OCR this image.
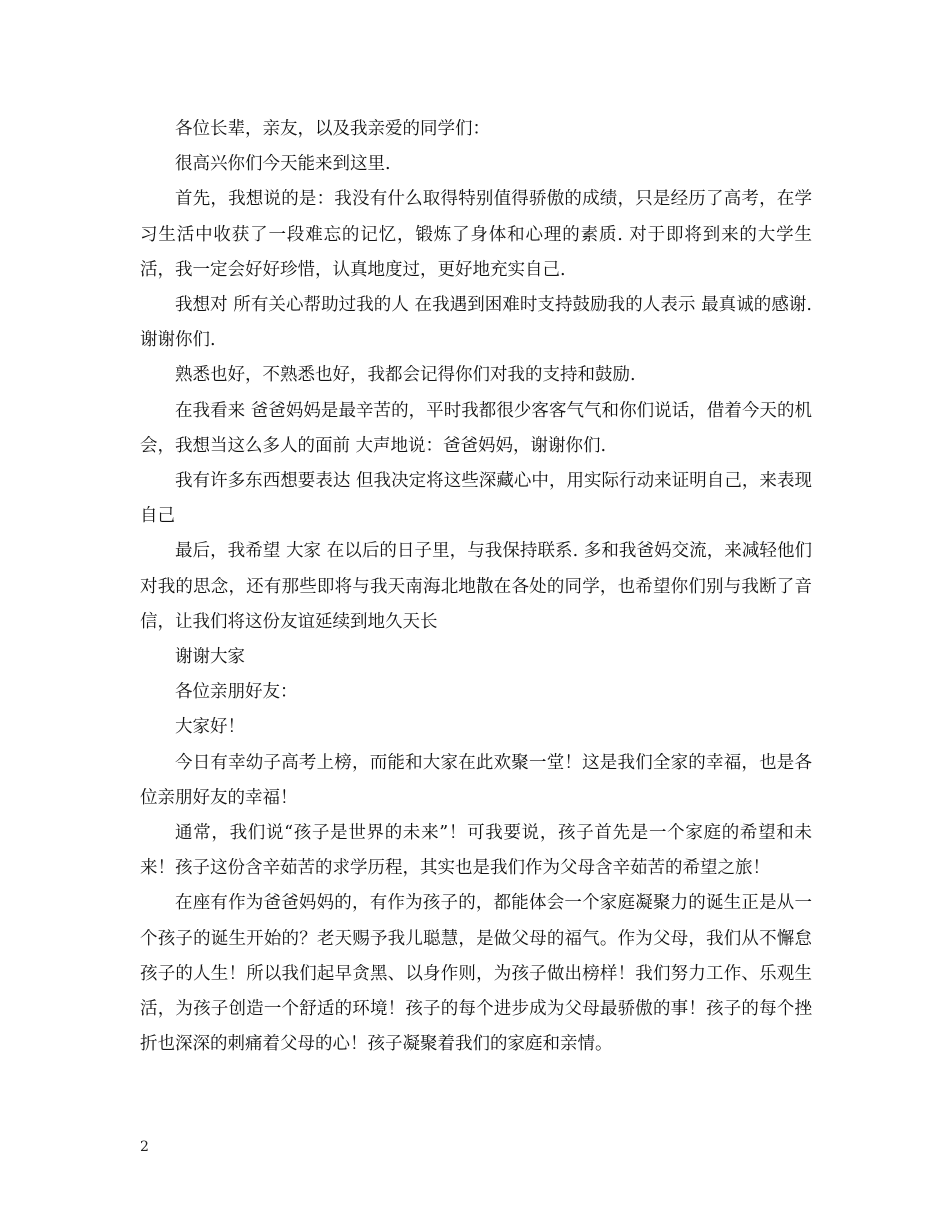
各位长辈，亲友，以及我亲爱的同学们：

很高兴你们今天能来到这里.

首先，我想说的是：我没有什么取得特别值得骄傲的成绩，只是经历了高考，在学习生活中收获了一段难忘的记忆，锻炼了身体和心理的素质. 对于即将到来的大学生活，我一定会好好珍惜，认真地度过，更好地充实自己.

我想对 所有关心帮助过我的人 在我遇到困难时支持鼓励我的人表示 最真诚的感谢. 谢谢你们.

熟悉也好，不熟悉也好，我都会记得你们对我的支持和鼓励.

在我看来 爸爸妈妈是最辛苦的，平时我都很少客客气气和你们说话，借着今天的机会，我想当这么多人的面前 大声地说：爸爸妈妈，谢谢你们.

我有许多东西想要表达 但我决定将这些深藏心中，用实际行动来证明自己，来表现自己

最后，我希望 大家 在以后的日子里，与我保持联系. 多和我爸妈交流，来减轻他们对我的思念，还有那些即将与我天南海北地散在各处的同学，也希望你们别与我断了音信，让我们将这份友谊延续到地久天长

谢谢大家

各位亲朋好友：

大家好！

今日有幸幼子高考上榜，而能和大家在此欢聚一堂！这是我们全家的幸福，也是各位亲朋好友的幸福！

通常，我们说“孩子是世界的未来”！可我要说，孩子首先是一个家庭的希望和未来！孩子这份含辛茹苦的求学历程，其实也是我们作为父母含辛茹苦的希望之旅！

在座有作为爸爸妈妈的，有作为孩子的，都能体会一个家庭凝聚力的诞生正是从一个孩子的诞生开始的？老天赐予我儿聪慧，是做父母的福气。作为父母，我们从不懈怠孩子的人生！所以我们起早贪黑、以身作则，为孩子做出榜样！我们努力工作、乐观生活，为孩子创造一个舒适的环境！孩子的每个进步成为父母最骄傲的事！孩子的每个挫折也深深的刺痛着父母的心！孩子凝聚着我们的家庭和亲情。

2
